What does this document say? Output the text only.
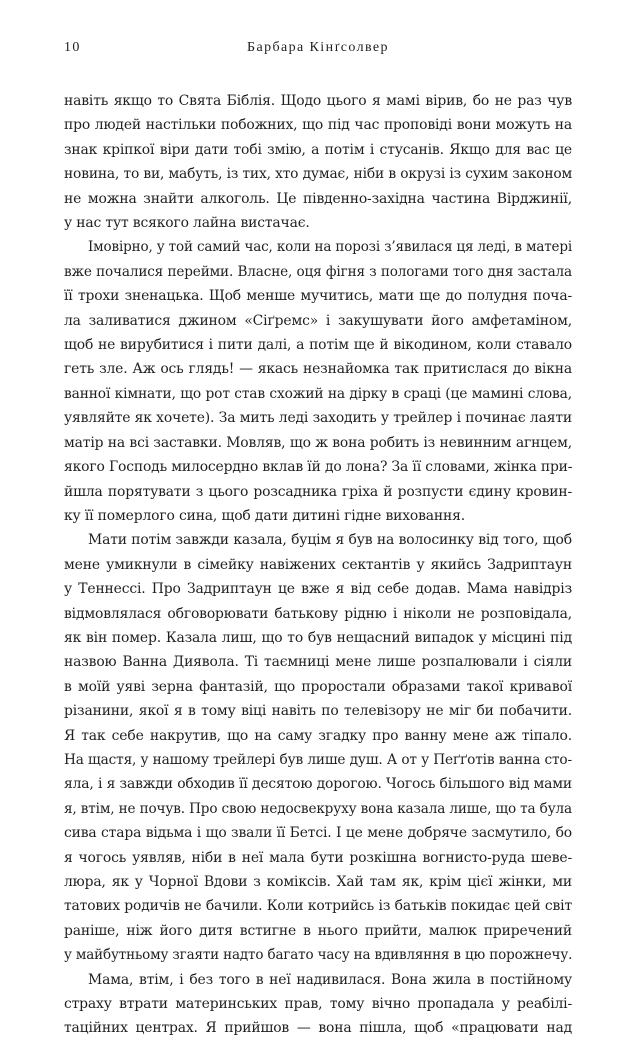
10	Барбара Кінґсолвер
навіть якщо то Свята Біблія. Щодо цього я мамі вірив, бо не раз чув
про людей настільки побожних, що під час проповіді вони можуть на
знак кріпкої віри дати тобі змію, а потім і стусанів. Якщо для вас це
новина, то ви, мабуть, із тих, хто думає, ніби в окрузі із сухим законом
не можна знайти алкоголь. Це південно-західна частина Вірджинії,
у нас тут всякого лайна вистачає.
Імовірно, у той самий час, коли на порозі з’явилася ця леді, в матері
вже почалися перейми. Власне, оця фігня з пологами того дня застала
її трохи зненацька. Щоб менше мучитись, мати ще до полудня поча-
ла заливатися джином «Сіґремс» і закушувати його амфетаміном,
щоб не вирубитися і пити далі, а потім ще й вікодином, коли ставало
геть зле. Аж ось глядь! — якась незнайомка так притислася до вікна
ванної кімнати, що рот став схожий на дірку в сраці (це мамині слова,
уявляйте як хочете). За мить леді заходить у трейлер і починає лаяти
матір на всі заставки. Мовляв, що ж вона робить із невинним агнцем,
якого Господь милосердно вклав їй до лона? За її словами, жінка при-
йшла порятувати з цього розсадника гріха й розпусти єдину кровин-
ку її померлого сина, щоб дати дитині гідне виховання.
Мати потім завжди казала, буцім я був на волосинку від того, щоб
мене умикнули в сімейку навіжених сектантів у якийсь Задриптаун
у Теннессі. Про Задриптаун це вже я від себе додав. Мама навідріз
відмовлялася обговорювати батькову рідню і ніколи не розповідала,
як він помер. Казала лиш, що то був нещасний випадок у місцині під
назвою Ванна Диявола. Ті таємниці мене лише розпалювали і сіяли
в моїй уяві зерна фантазій, що проростали образами такої кривавої
різанини, якої я в тому віці навіть по телевізору не міг би побачити.
Я так себе накрутив, що на саму згадку про ванну мене аж тіпало.
На щастя, у нашому трейлері був лише душ. А от у Пеґґотів ванна сто-
яла, і я завжди обходив її десятою дорогою. Чогось більшого від мами
я, втім, не почув. Про свою недосвекруху вона казала лише, що та була
сива стара відьма і що звали її Бетсі. І це мене добряче засмутило, бо
я чогось уявляв, ніби в неї мала бути розкішна вогнисто-руда шеве-
люра, як у Чорної Вдови з коміксів. Хай там як, крім цієї жінки, ми
татових родичів не бачили. Коли котрийсь із батьків покидає цей світ
раніше, ніж його дитя встигне в нього прийти, малюк приречений
у майбутньому згаяти надто багато часу на вдивляння в цю порожнечу.
Мама, втім, і без того в неї надивилася. Вона жила в постійному
страху втрати материнських прав, тому вічно пропадала у реабілі-
таційних центрах. Я прийшов — вона пішла, щоб «працювати над
